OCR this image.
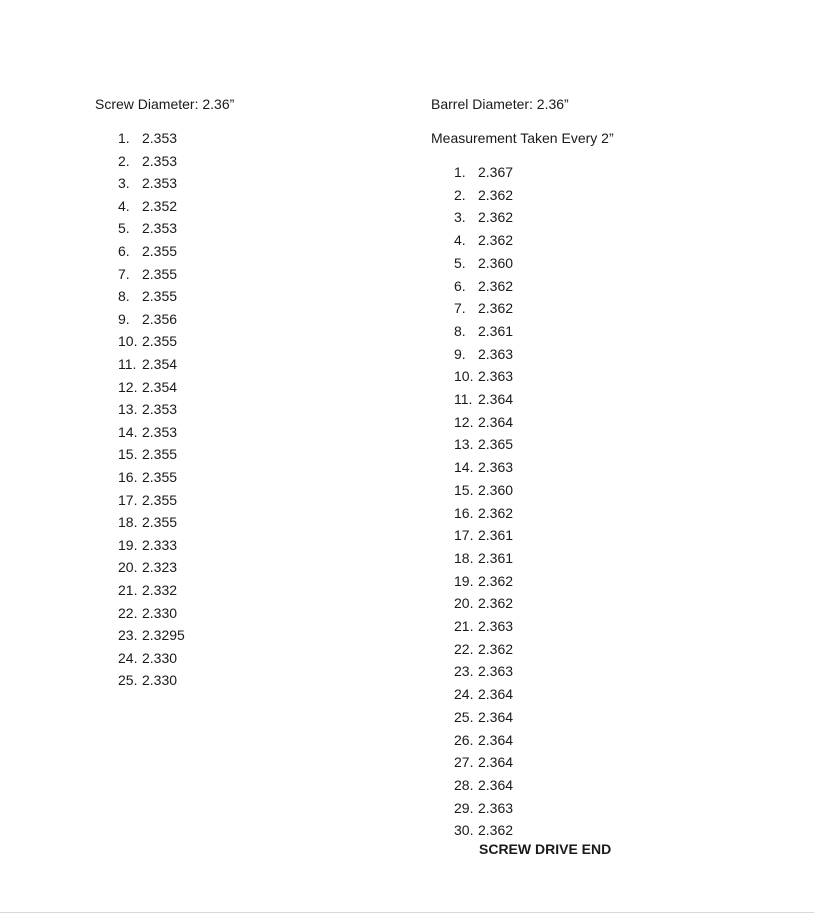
Screw Diameter: 2.36”
1. 2.353
2. 2.353
3. 2.353
4. 2.352
5. 2.353
6. 2.355
7. 2.355
8. 2.355
9. 2.356
10. 2.355
11. 2.354
12. 2.354
13. 2.353
14. 2.353
15. 2.355
16. 2.355
17. 2.355
18. 2.355
19. 2.333
20. 2.323
21. 2.332
22. 2.330
23. 2.3295
24. 2.330
25. 2.330
Barrel Diameter: 2.36”
Measurement Taken Every 2”
1. 2.367
2. 2.362
3. 2.362
4. 2.362
5. 2.360
6. 2.362
7. 2.362
8. 2.361
9. 2.363
10. 2.363
11. 2.364
12. 2.364
13. 2.365
14. 2.363
15. 2.360
16. 2.362
17. 2.361
18. 2.361
19. 2.362
20. 2.362
21. 2.363
22. 2.362
23. 2.363
24. 2.364
25. 2.364
26. 2.364
27. 2.364
28. 2.364
29. 2.363
30. 2.362
SCREW DRIVE END
